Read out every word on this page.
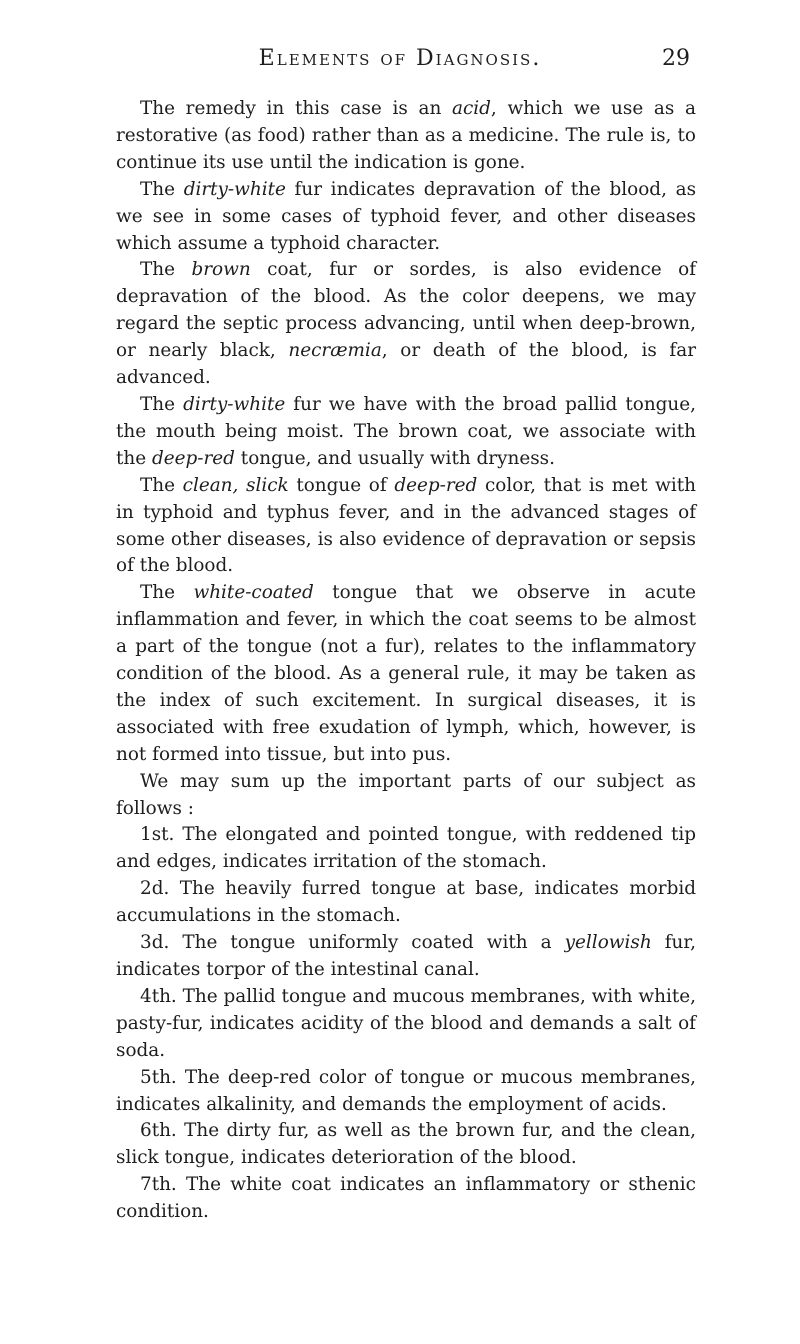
Elements of Diagnosis.	29

The remedy in this case is an acid, which we use as a restorative (as food) rather than as a medicine. The rule is, to continue its use until the indication is gone.

The dirty-white fur indicates depravation of the blood, as we see in some cases of typhoid fever, and other diseases which assume a typhoid character.

The brown coat, fur or sordes, is also evidence of depravation of the blood. As the color deepens, we may regard the septic process advancing, until when deep-brown, or nearly black, necræmia, or death of the blood, is far advanced.

The dirty-white fur we have with the broad pallid tongue, the mouth being moist. The brown coat, we associate with the deep-red tongue, and usually with dryness.

The clean, slick tongue of deep-red color, that is met with in typhoid and typhus fever, and in the advanced stages of some other diseases, is also evidence of depravation or sepsis of the blood.

The white-coated tongue that we observe in acute inflammation and fever, in which the coat seems to be almost a part of the tongue (not a fur), relates to the inflammatory condition of the blood. As a general rule, it may be taken as the index of such excitement. In surgical diseases, it is associated with free exudation of lymph, which, however, is not formed into tissue, but into pus.

We may sum up the important parts of our subject as follows :

1st. The elongated and pointed tongue, with reddened tip and edges, indicates irritation of the stomach.

2d. The heavily furred tongue at base, indicates morbid accumulations in the stomach.

3d. The tongue uniformly coated with a yellowish fur, indicates torpor of the intestinal canal.

4th. The pallid tongue and mucous membranes, with white, pasty-fur, indicates acidity of the blood and demands a salt of soda.

5th. The deep-red color of tongue or mucous membranes, indicates alkalinity, and demands the employment of acids.

6th. The dirty fur, as well as the brown fur, and the clean, slick tongue, indicates deterioration of the blood.

7th. The white coat indicates an inflammatory or sthenic condition.
